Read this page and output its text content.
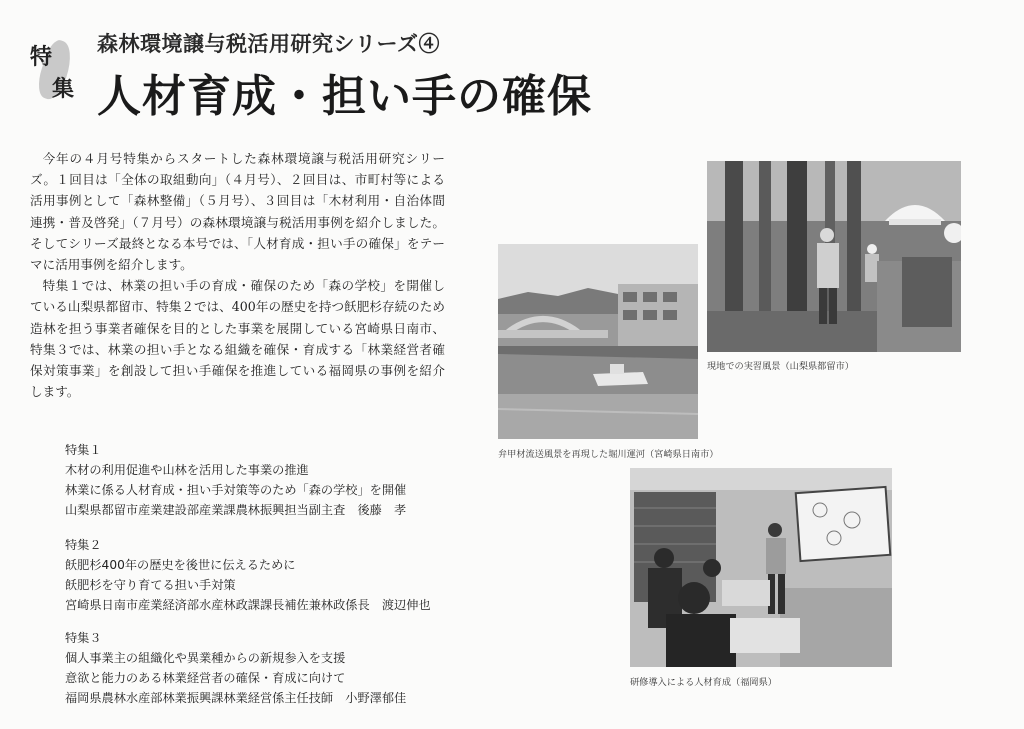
特
集
森林環境譲与税活用研究シリーズ④
人材育成・担い手の確保

今年の４月号特集からスタートした森林環境譲与税活用研究シリーズ。１回目は「全体の取組動向」（４月号）、２回目は、市町村等による活用事例として「森林整備」（５月号）、３回目は「木材利用・自治体間連携・普及啓発」（７月号）の森林環境譲与税活用事例を紹介しました。そしてシリーズ最終となる本号では、「人材育成・担い手の確保」をテーマに活用事例を紹介します。

特集１では、林業の担い手の育成・確保のため「森の学校」を開催している山梨県都留市、特集２では、400年の歴史を持つ飫肥杉存続のため造林を担う事業者確保を目的とした事業を展開している宮崎県日南市、特集３では、林業の担い手となる組織を確保・育成する「林業経営者確保対策事業」を創設して担い手確保を推進している福岡県の事例を紹介します。

特集１
木材の利用促進や山林を活用した事業の推進
林業に係る人材育成・担い手対策等のため「森の学校」を開催
山梨県都留市産業建設部産業課農林振興担当副主査　後藤　孝
特集２
飫肥杉400年の歴史を後世に伝えるために
飫肥杉を守り育てる担い手対策
宮崎県日南市産業経済部水産林政課課長補佐兼林政係長　渡辺伸也
特集３
個人事業主の組織化や異業種からの新規参入を支援
意欲と能力のある林業経営者の確保・育成に向けて
福岡県農林水産部林業振興課林業経営係主任技師　小野澤郁佳
弁甲材流送風景を再現した堀川運河（宮崎県日南市）
現地での実習風景（山梨県都留市）
研修導入による人材育成（福岡県）
